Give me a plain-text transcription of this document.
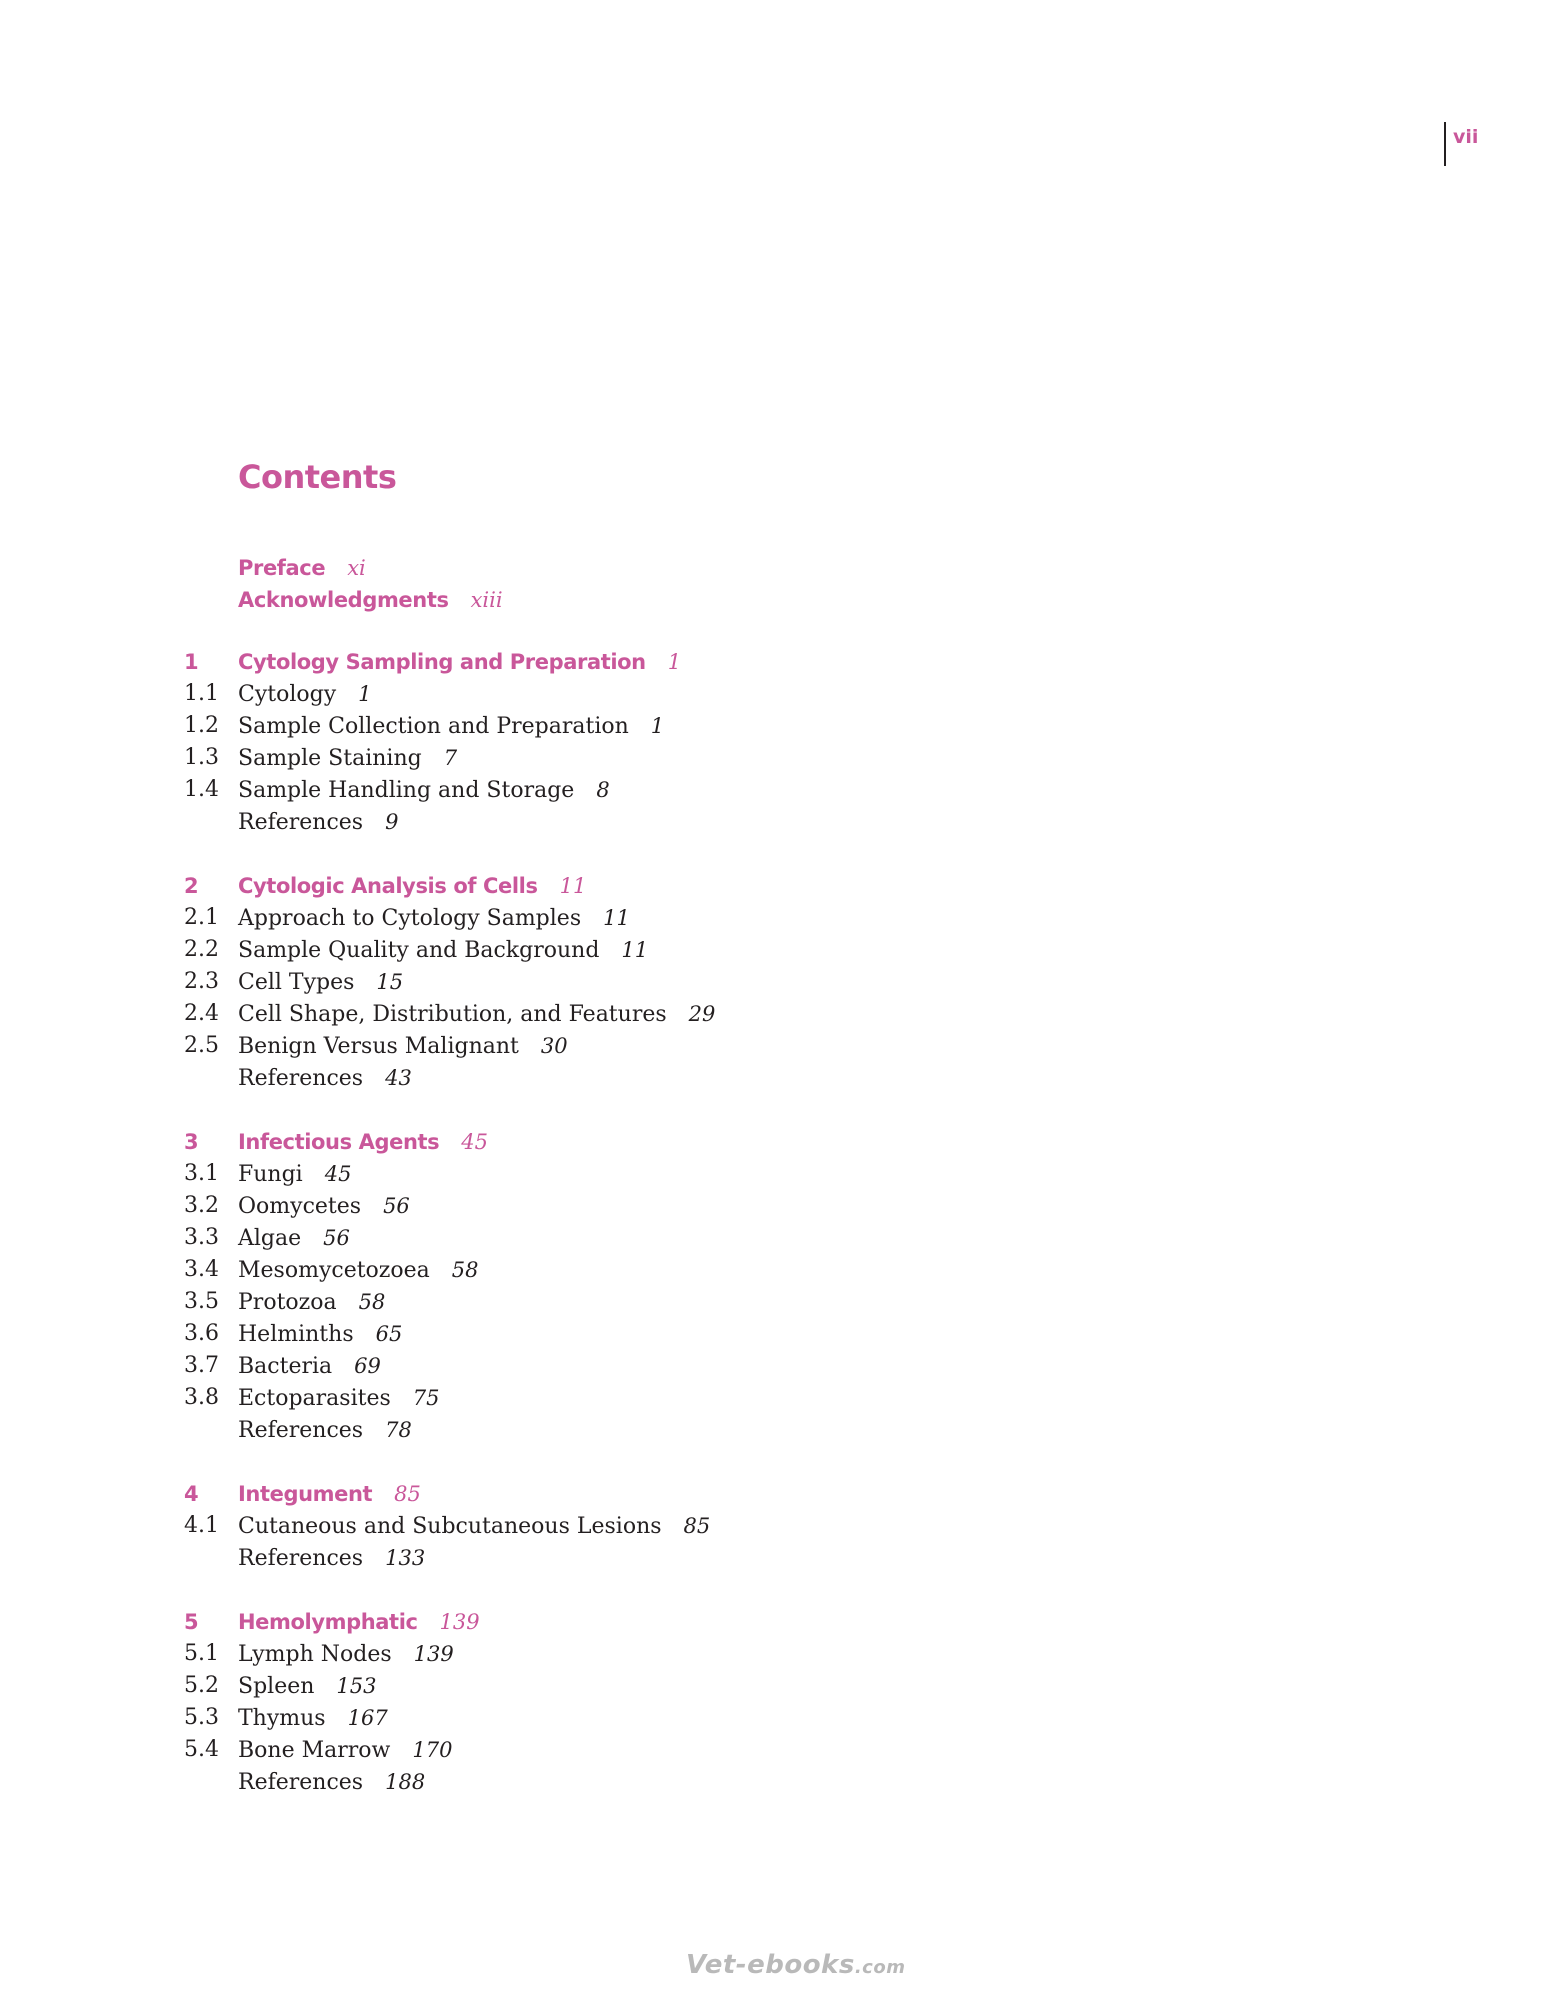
vii
Contents
Preface xi
Acknowledgments xiii
1	Cytology Sampling and Preparation 1
1.1 Cytology 1
1.2 Sample Collection and Preparation 1
1.3 Sample Staining 7
1.4 Sample Handling and Storage 8
References 9
2	Cytologic Analysis of Cells 11
2.1 Approach to Cytology Samples 11
2.2 Sample Quality and Background 11
2.3 Cell Types 15
2.4 Cell Shape, Distribution, and Features 29
2.5 Benign Versus Malignant 30
References 43
3	Infectious Agents 45
3.1 Fungi 45
3.2 Oomycetes 56
3.3 Algae 56
3.4 Mesomycetozoea 58
3.5 Protozoa 58
3.6 Helminths 65
3.7 Bacteria 69
3.8 Ectoparasites 75
References 78
4	Integument 85
4.1 Cutaneous and Subcutaneous Lesions 85
References 133
5	Hemolymphatic 139
5.1 Lymph Nodes 139
5.2 Spleen 153
5.3 Thymus 167
5.4 Bone Marrow 170
References 188
Vet-ebooks.com
